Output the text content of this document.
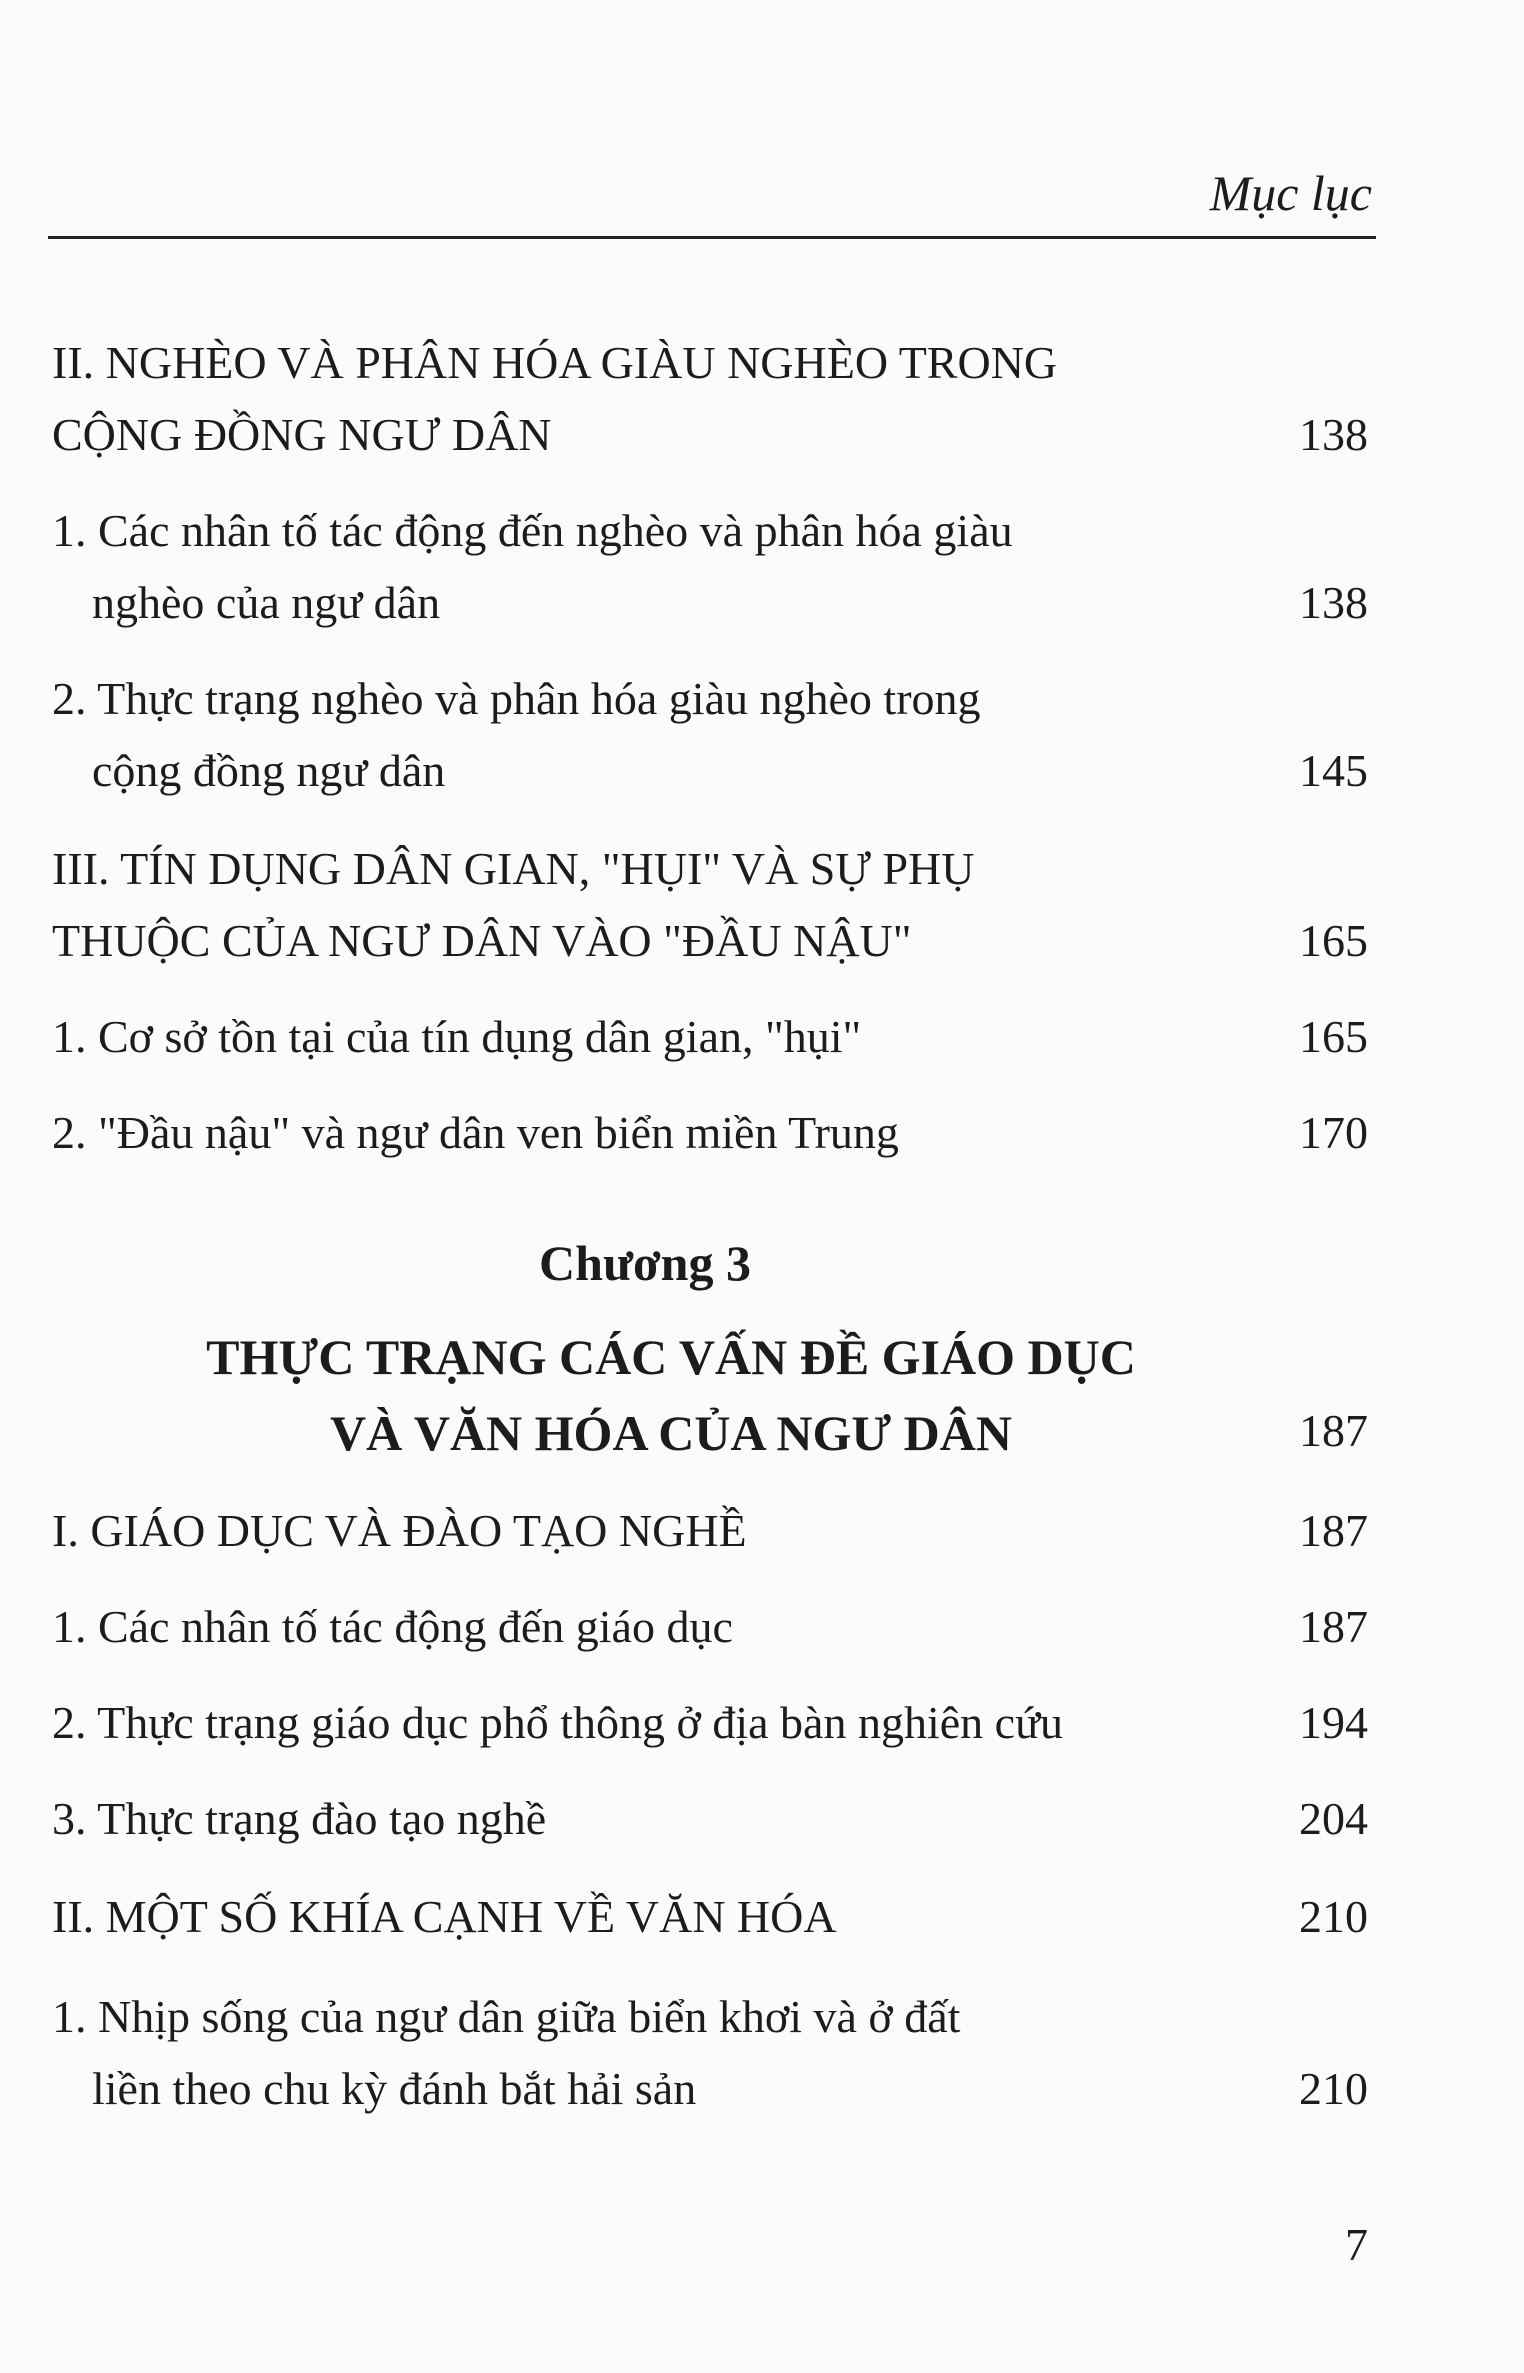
Mục lục
II. NGHÈO VÀ PHÂN HÓA GIÀU NGHÈO TRONG
CỘNG ĐỒNG NGƯ DÂN	138
1. Các nhân tố tác động đến nghèo và phân hóa giàu
nghèo của ngư dân	138
2. Thực trạng nghèo và phân hóa giàu nghèo trong
cộng đồng ngư dân	145
III. TÍN DỤNG DÂN GIAN, "HỤI" VÀ SỰ PHỤ
THUỘC CỦA NGƯ DÂN VÀO "ĐẦU NẬU"	165
1. Cơ sở tồn tại của tín dụng dân gian, "hụi"	165
2. "Đầu nậu" và ngư dân ven biển miền Trung	170
Chương 3
THỰC TRẠNG CÁC VẤN ĐỀ GIÁO DỤC
VÀ VĂN HÓA CỦA NGƯ DÂN	187
I. GIÁO DỤC VÀ ĐÀO TẠO NGHỀ	187
1. Các nhân tố tác động đến giáo dục	187
2. Thực trạng giáo dục phổ thông ở địa bàn nghiên cứu	194
3. Thực trạng đào tạo nghề	204
II. MỘT SỐ KHÍA CẠNH VỀ VĂN HÓA	210
1. Nhịp sống của ngư dân giữa biển khơi và ở đất
liền theo chu kỳ đánh bắt hải sản	210
7
